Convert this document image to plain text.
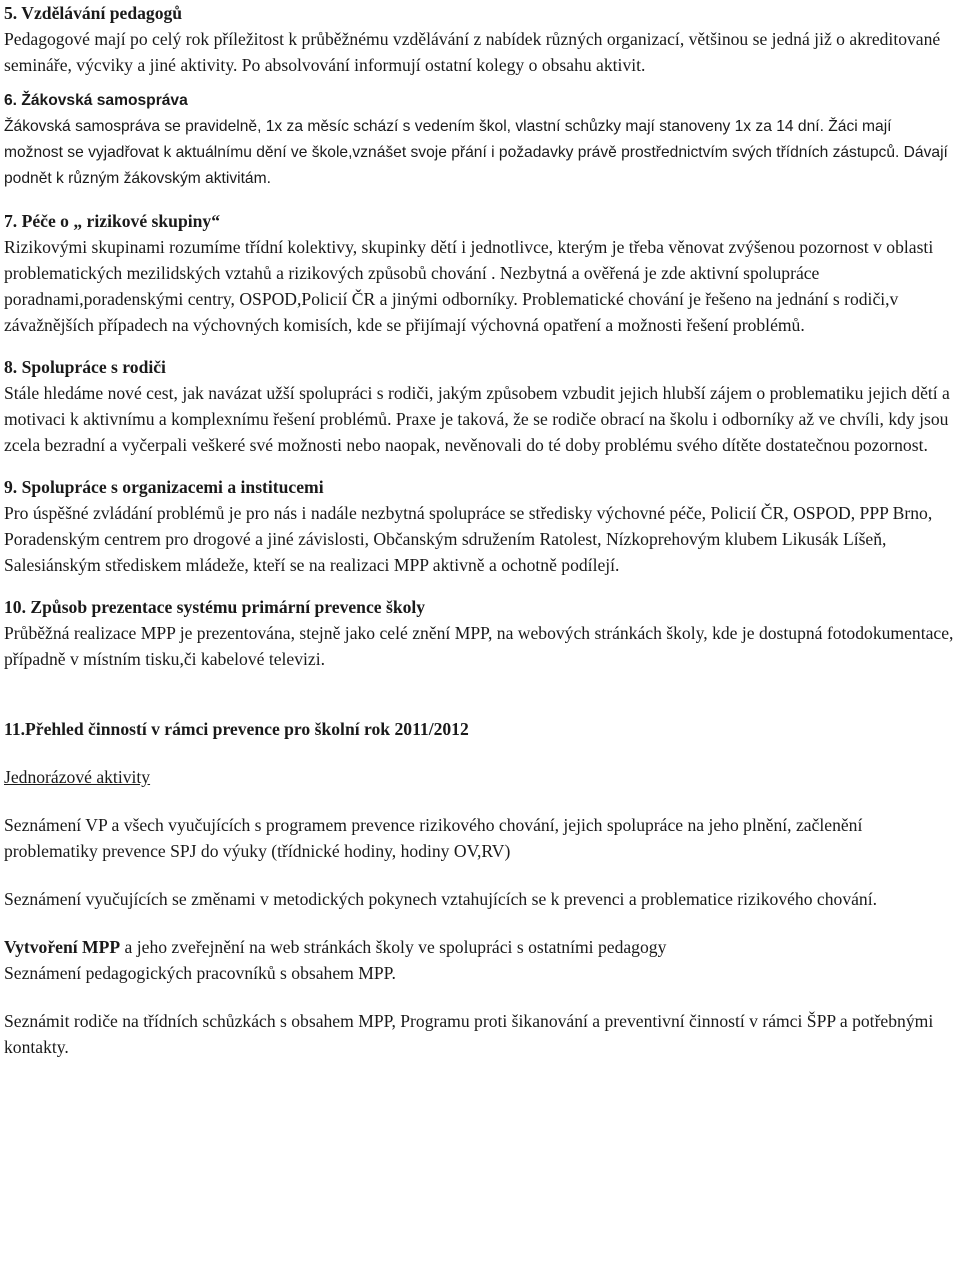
5. Vzdělávání pedagogů

Pedagogové mají po celý rok příležitost k průběžnému vzdělávání z nabídek různých organizací, většinou se jedná již o akreditované semináře, výcviky a jiné aktivity. Po absolvování informují ostatní kolegy o obsahu aktivit.

6. Žákovská samospráva

Žákovská samospráva se pravidelně, 1x za měsíc schází s vedením škol, vlastní schůzky mají stanoveny 1x za 14 dní. Žáci mají možnost se vyjadřovat k aktuálnímu dění ve škole,vznášet svoje přání i požadavky právě prostřednictvím svých třídních zástupců. Dávají podnět k různým žákovským aktivitám.

7. Péče o „ rizikové skupiny“

Rizikovými skupinami rozumíme třídní kolektivy, skupinky dětí i jednotlivce, kterým je třeba věnovat zvýšenou pozornost v oblasti problematických mezilidských vztahů a rizikových způsobů chování . Nezbytná a ověřená je zde aktivní spolupráce poradnami,poradenskými centry, OSPOD,Policií ČR a jinými odborníky. Problematické chování je řešeno na jednání s rodiči,v závažnějších případech na výchovných komisích, kde se přijímají výchovná opatření a možnosti řešení problémů.

8. Spolupráce s rodiči

Stále hledáme nové cest, jak navázat užší spolupráci s rodiči, jakým způsobem vzbudit jejich hlubší zájem o problematiku jejich dětí a motivaci k aktivnímu a komplexnímu řešení problémů. Praxe je taková, že se rodiče obrací na školu i odborníky až ve chvíli, kdy jsou zcela bezradní a vyčerpali veškeré své možnosti nebo naopak, nevěnovali do té doby problému svého dítěte dostatečnou pozornost.

9. Spolupráce s organizacemi a institucemi

Pro úspěšné zvládání problémů je pro nás i nadále nezbytná spolupráce se středisky výchovné péče, Policií ČR, OSPOD, PPP Brno, Poradenským centrem pro drogové a jiné závislosti, Občanským sdružením Ratolest, Nízkoprehovým klubem Likusák Líšeň, Salesiánským střediskem mládeže, kteří se na realizaci MPP aktivně a ochotně podílejí.

10. Způsob prezentace systému primární prevence školy

Průběžná realizace MPP je prezentována, stejně jako celé znění MPP, na webových stránkách školy, kde je dostupná fotodokumentace, případně v místním tisku,či kabelové televizi.

11.Přehled činností v rámci prevence pro školní rok 2011/2012

Jednorázové aktivity

Seznámení VP a všech vyučujících s programem prevence rizikového chování, jejich spolupráce na jeho plnění, začlenění problematiky prevence SPJ do výuky (třídnické hodiny, hodiny OV,RV)

Seznámení vyučujících se změnami v metodických pokynech vztahujících se k prevenci a problematice rizikového chování.

Vytvoření MPP a jeho zveřejnění na web stránkách školy ve spolupráci s ostatními pedagogy

Seznámení pedagogických pracovníků s obsahem MPP.

Seznámit rodiče na třídních schůzkách s obsahem MPP, Programu proti šikanování a preventivní činností v rámci ŠPP a potřebnými kontakty.
